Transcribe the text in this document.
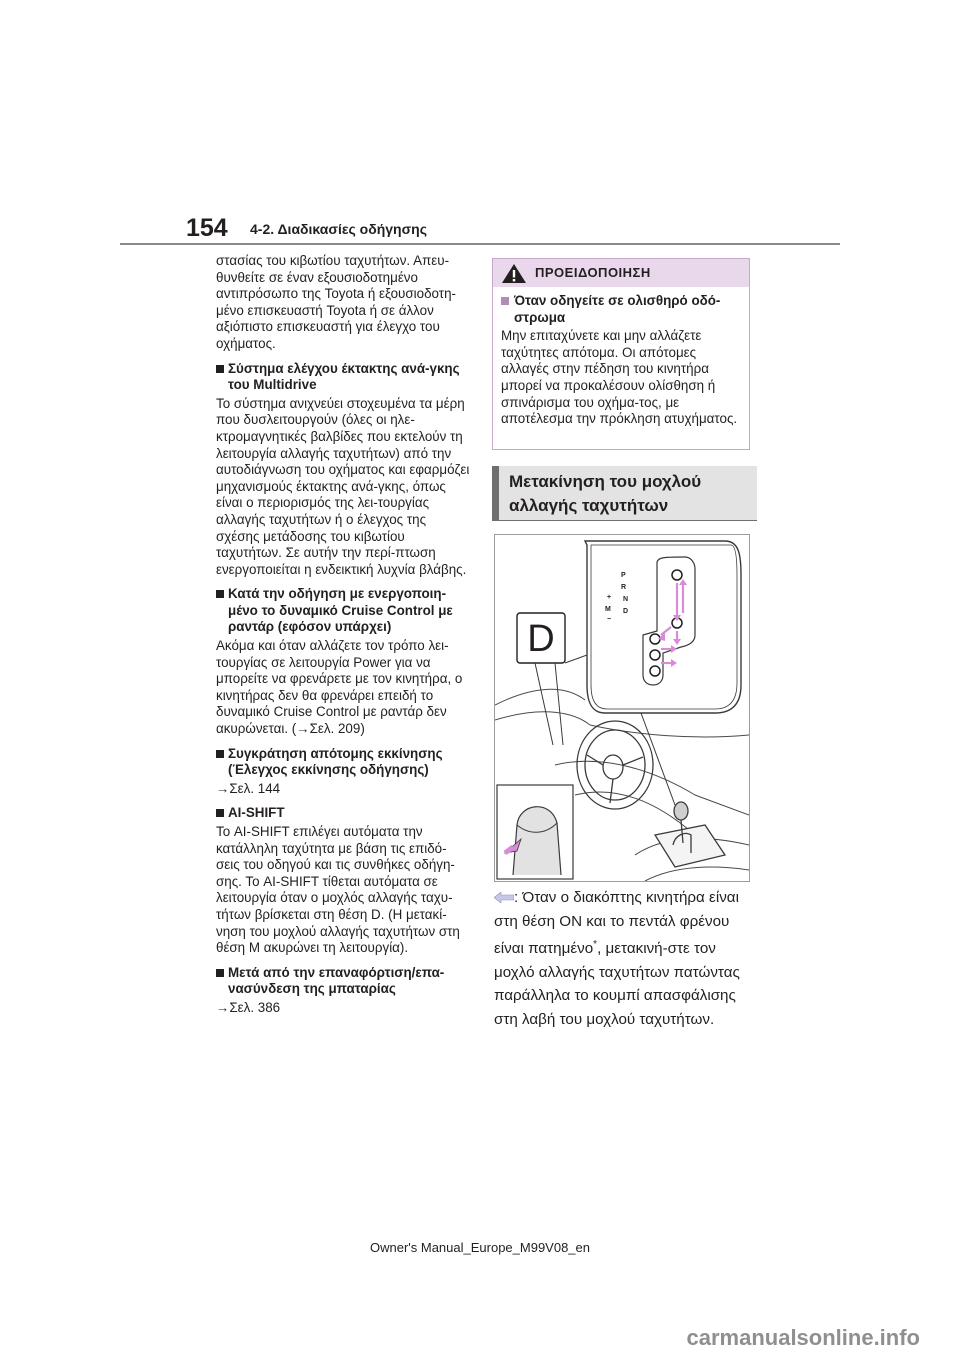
154 4-2. Διαδικασίες οδήγησης

στασίας του κιβωτίου ταχυτήτων. Απευ-θυνθείτε σε έναν εξουσιοδοτημένο αντιπρόσωπο της Toyota ή εξουσιοδοτη-μένο επισκευαστή Toyota ή σε άλλον αξιόπιστο επισκευαστή για έλεγχο του οχήματος.

Σύστημα ελέγχου έκτακτης ανά-γκης του Multidrive

Το σύστημα ανιχνεύει στοχευμένα τα μέρη που δυσλειτουργούν (όλες οι ηλε-κτρομαγνητικές βαλβίδες που εκτελούν τη λειτουργία αλλαγής ταχυτήτων) από την αυτοδιάγνωση του οχήματος και εφαρμόζει μηχανισμούς έκτακτης ανά-γκης, όπως είναι ο περιορισμός της λει-τουργίας αλλαγής ταχυτήτων ή ο έλεγχος της σχέσης μετάδοσης του κιβωτίου ταχυτήτων. Σε αυτήν την περί-πτωση ενεργοποιείται η ενδεικτική λυχνία βλάβης.

Κατά την οδήγηση με ενεργοποιη-μένο το δυναμικό Cruise Control με ραντάρ (εφόσον υπάρχει)

Ακόμα και όταν αλλάζετε τον τρόπο λει-τουργίας σε λειτουργία Power για να μπορείτε να φρενάρετε με τον κινητήρα, ο κινητήρας δεν θα φρενάρει επειδή το δυναμικό Cruise Control με ραντάρ δεν ακυρώνεται. (→Σελ. 209)

Συγκράτηση απότομης εκκίνησης (Έλεγχος εκκίνησης οδήγησης)

→Σελ. 144

AI-SHIFT

Το AI-SHIFT επιλέγει αυτόματα την κατάλληλη ταχύτητα με βάση τις επιδό-σεις του οδηγού και τις συνθήκες οδήγη-σης. Το AI-SHIFT τίθεται αυτόματα σε λειτουργία όταν ο μοχλός αλλαγής ταχυ-τήτων βρίσκεται στη θέση D. (Η μετακί-νηση του μοχλού αλλαγής ταχυτήτων στη θέση M ακυρώνει τη λειτουργία).

Μετά από την επαναφόρτιση/επα-νασύνδεση της μπαταρίας

→Σελ. 386

ΠΡΟΕΙΔΟΠΟΙΗΣΗ
Όταν οδηγείτε σε ολισθηρό οδό-στρωμα

Μην επιταχύνετε και μην αλλάζετε ταχύτητες απότομα. Οι απότομες αλλαγές στην πέδηση του κινητήρα μπορεί να προκαλέσουν ολίσθηση ή σπινάρισμα του οχήμα-τος, με αποτέλεσμα την πρόκληση ατυχήματος.

Μετακίνηση του μοχλού
αλλαγής ταχυτήτων
P
R
N
D
+
M
−
D
: Όταν ο διακόπτης κινητήρα είναι στη θέση ON και το πεντάλ φρένου είναι πατημένο*, μετακινή-στε τον μοχλό αλλαγής ταχυτήτων πατώντας παράλληλα το κουμπί απασφάλισης στη λαβή του μοχλού ταχυτήτων.
Owner's Manual_Europe_M99V08_en
carmanualsonline.info
